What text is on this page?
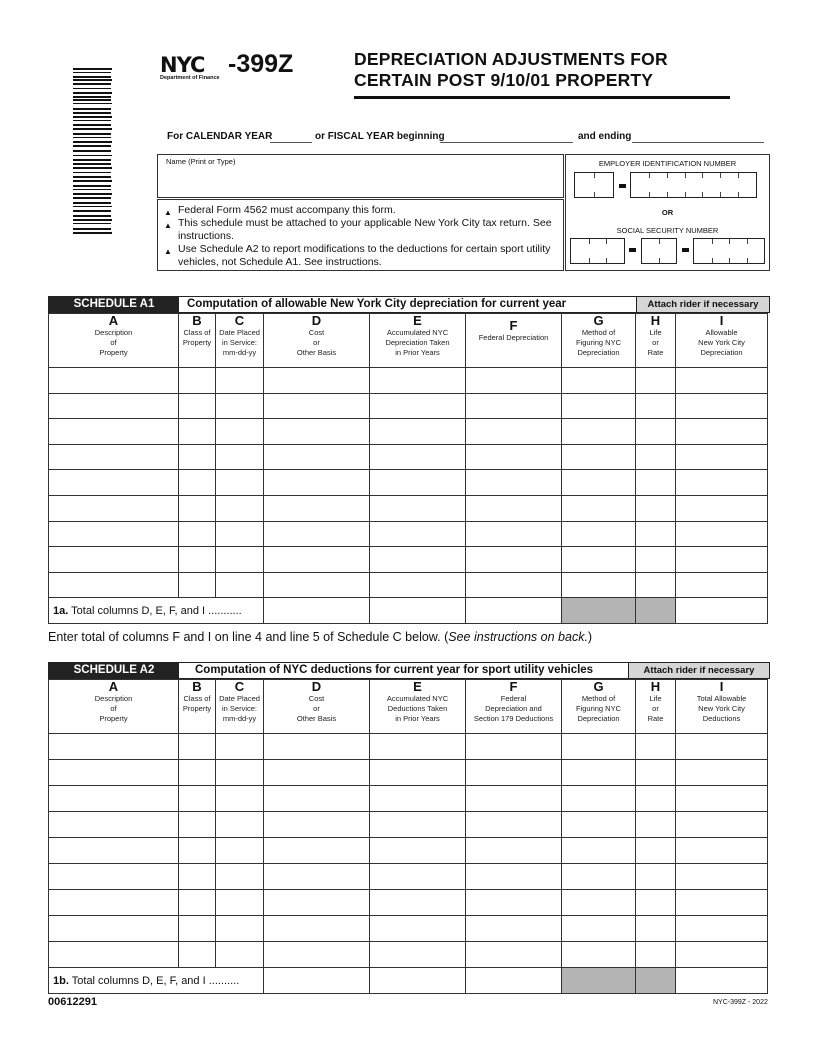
NYC
Department of Finance -399Z	DEPRECIATION ADJUSTMENTS FOR
CERTAIN POST 9/10/01 PROPERTY
For CALENDAR YEAR	or FISCAL YEAR beginning	and ending
Name (Print or Type)
▲ Federal Form 4562 must accompany this form.
▲ This schedule must be attached to your applicable New York City tax return. See instructions.
▲ Use Schedule A2 to report modifications to the deductions for certain sport utility vehicles, not Schedule A1. See instructions.
EMPLOYER IDENTIFICATION NUMBER
OR
SOCIAL SECURITY NUMBER
SCHEDULE A1	Computation of allowable New York City depreciation for current year	Attach rider if necessary
A
Description
of
Property	B
Class of
Property	C
Date Placed
in Service:
mm-dd-yy	D
Cost
or
Other Basis	E
Accumulated NYC
Depreciation Taken
in Prior Years	F
Federal Depreciation	G
Method of
Figuring NYC
Depreciation	H
Life
or
Rate	I
Allowable
New York City
Depreciation

1a. Total columns D, E, F, and I ...........								
Enter total of columns F and I on line 4 and line 5 of Schedule C below. (See instructions on back.)
SCHEDULE A2	Computation of NYC deductions for current year for sport utility vehicles	Attach rider if necessary
A
Description
of
Property	B
Class of
Property	C
Date Placed
in Service:
mm-dd-yy	D
Cost
or
Other Basis	E
Accumulated NYC
Deductions Taken
in Prior Years	F
Federal
Depreciation and
Section 179 Deductions	G
Method of
Figuring NYC
Depreciation	H
Life
or
Rate	I
Total Allowable
New York City
Deductions

1b. Total columns D, E, F, and I ..........								
00612291	NYC-399Z - 2022
